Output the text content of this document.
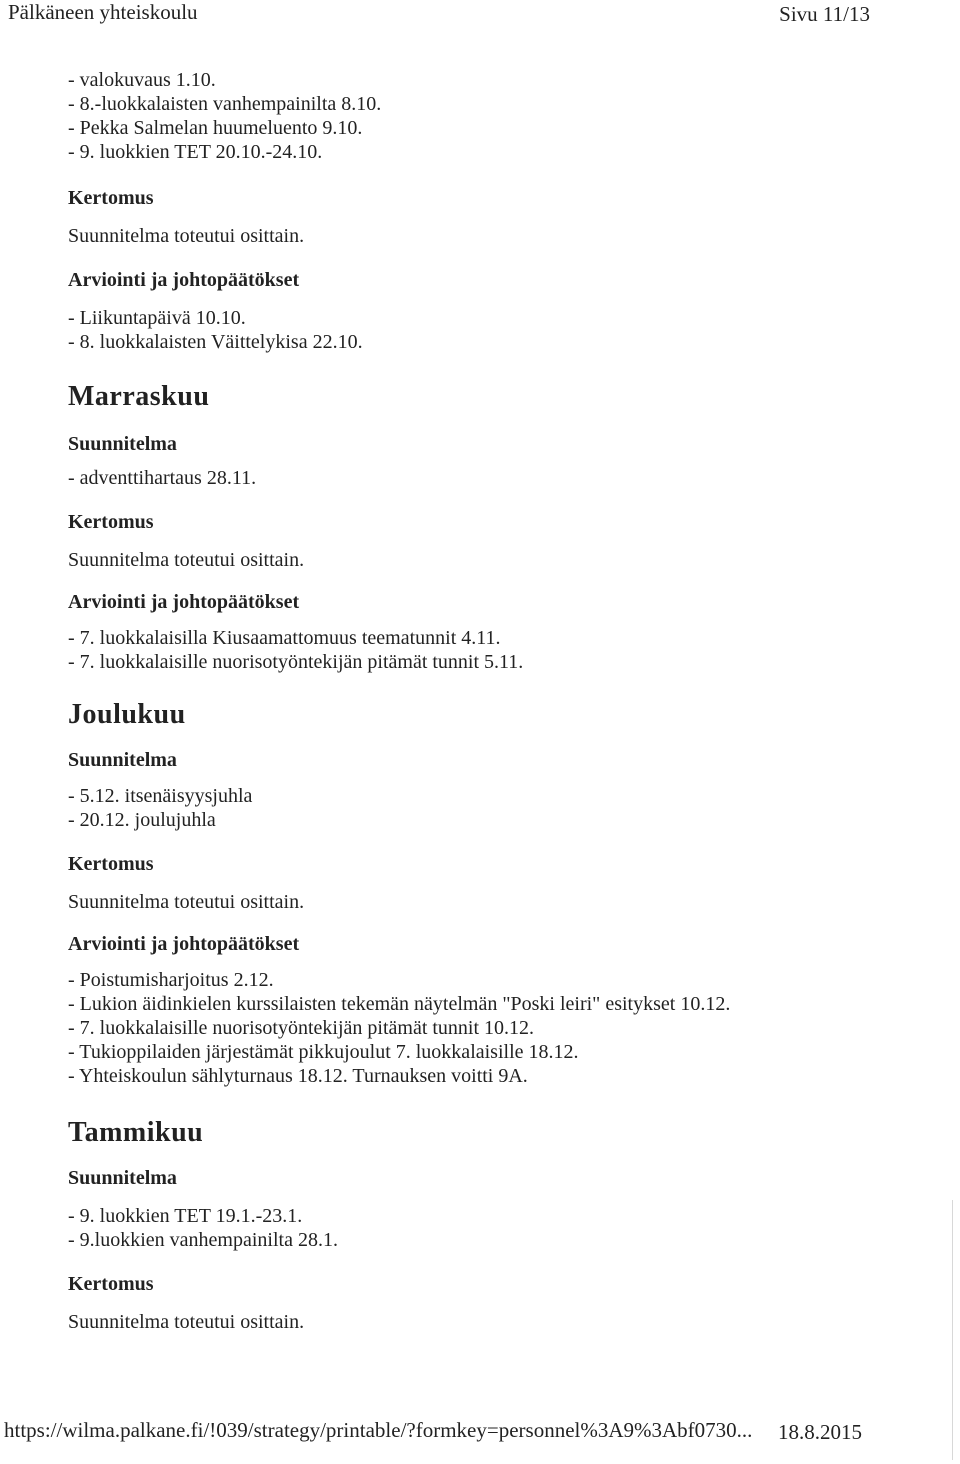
Pälkäneen yhteiskoulu	Sivu 11/13
- valokuvaus 1.10.
- 8.-luokkalaisten vanhempainilta 8.10.
- Pekka Salmelan huumeluento 9.10.
- 9. luokkien TET 20.10.-24.10.
Kertomus
Suunnitelma toteutui osittain.
Arviointi ja johtopäätökset
- Liikuntapäivä 10.10.
- 8. luokkalaisten Väittelykisa 22.10.
Marraskuu
Suunnitelma
- adventtihartaus 28.11.
Kertomus
Suunnitelma toteutui osittain.
Arviointi ja johtopäätökset
- 7. luokkalaisilla Kiusaamattomuus teematunnit 4.11.
- 7. luokkalaisille nuorisotyöntekijän pitämät tunnit 5.11.
Joulukuu
Suunnitelma
- 5.12. itsenäisyysjuhla
- 20.12. joulujuhla
Kertomus
Suunnitelma toteutui osittain.
Arviointi ja johtopäätökset
- Poistumisharjoitus 2.12.
- Lukion äidinkielen kurssilaisten tekemän näytelmän "Poski leiri" esitykset 10.12.
- 7. luokkalaisille nuorisotyöntekijän pitämät tunnit 10.12.
- Tukioppilaiden järjestämät pikkujoulut 7. luokkalaisille 18.12.
- Yhteiskoulun sählyturnaus 18.12. Turnauksen voitti 9A.
Tammikuu
Suunnitelma
- 9. luokkien TET 19.1.-23.1.
- 9.luokkien vanhempainilta 28.1.
Kertomus
Suunnitelma toteutui osittain.
https://wilma.palkane.fi/!039/strategy/printable/?formkey=personnel%3A9%3Abf0730... 18.8.2015
